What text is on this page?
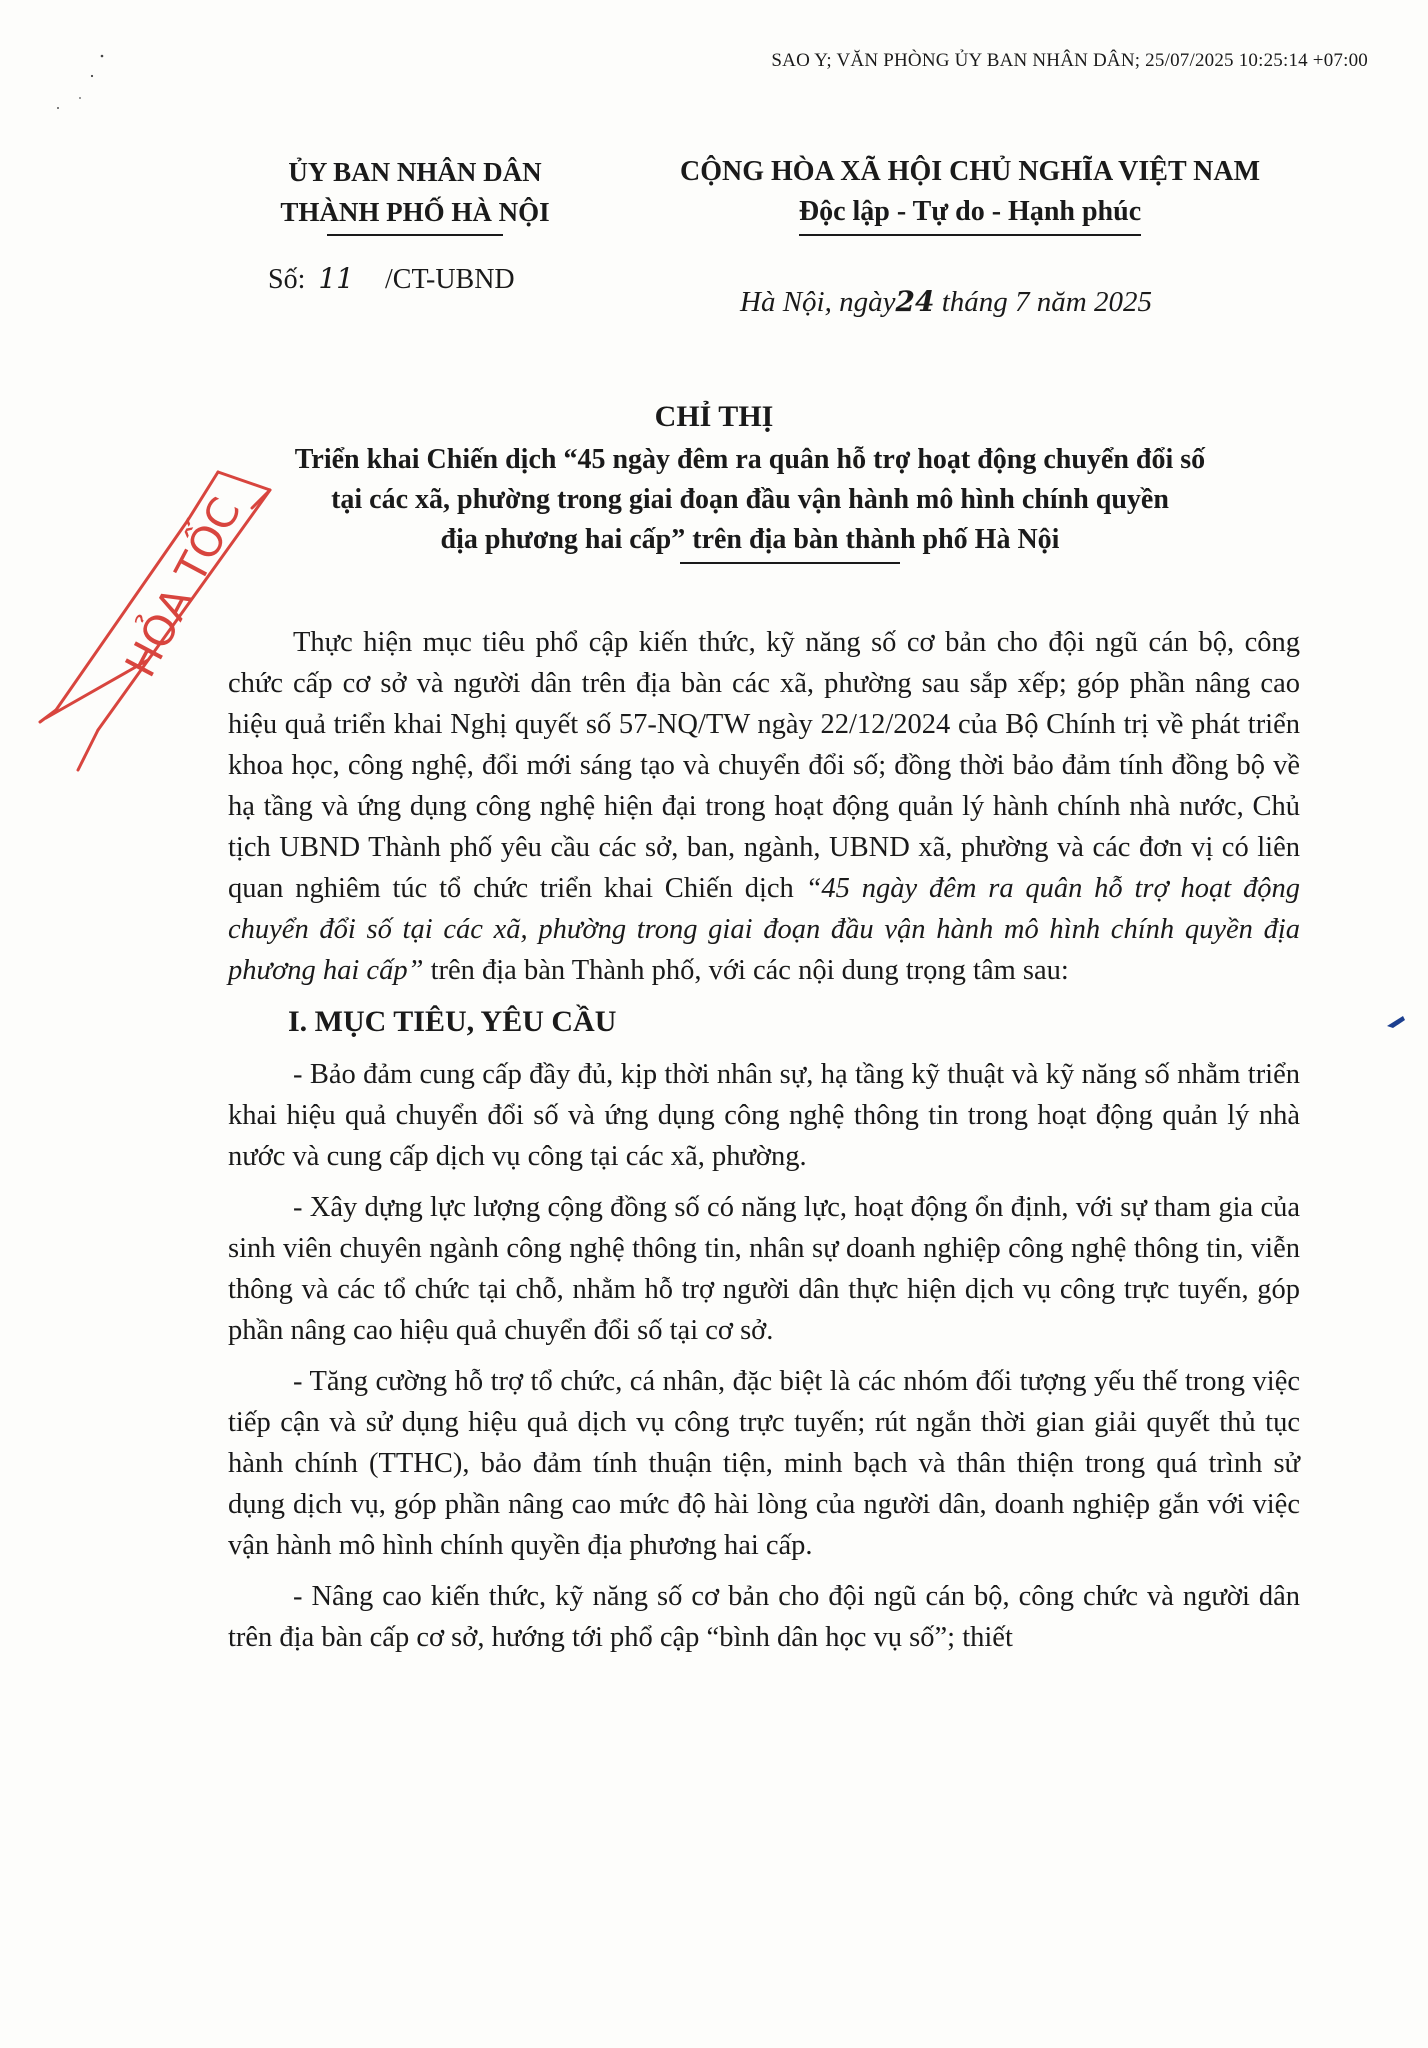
SAO Y; VĂN PHÒNG ỦY BAN NHÂN DÂN; 25/07/2025 10:25:14 +07:00
ỦY BAN NHÂN DÂN
THÀNH PHỐ HÀ NỘI
Số: 11 /CT-UBND
CỘNG HÒA XÃ HỘI CHỦ NGHĨA VIỆT NAM
Độc lập - Tự do - Hạnh phúc
Hà Nội, ngày24 tháng 7 năm 2025
HỎA TỐC
CHỈ THỊ
Triển khai Chiến dịch “45 ngày đêm ra quân hỗ trợ hoạt động chuyển đổi số
tại các xã, phường trong giai đoạn đầu vận hành mô hình chính quyền
địa phương hai cấp” trên địa bàn thành phố Hà Nội

Thực hiện mục tiêu phổ cập kiến thức, kỹ năng số cơ bản cho đội ngũ cán bộ, công chức cấp cơ sở và người dân trên địa bàn các xã, phường sau sắp xếp; góp phần nâng cao hiệu quả triển khai Nghị quyết số 57-NQ/TW ngày 22/12/2024 của Bộ Chính trị về phát triển khoa học, công nghệ, đổi mới sáng tạo và chuyển đổi số; đồng thời bảo đảm tính đồng bộ về hạ tầng và ứng dụng công nghệ hiện đại trong hoạt động quản lý hành chính nhà nước, Chủ tịch UBND Thành phố yêu cầu các sở, ban, ngành, UBND xã, phường và các đơn vị có liên quan nghiêm túc tổ chức triển khai Chiến dịch “45 ngày đêm ra quân hỗ trợ hoạt động chuyển đổi số tại các xã, phường trong giai đoạn đầu vận hành mô hình chính quyền địa phương hai cấp” trên địa bàn Thành phố, với các nội dung trọng tâm sau:

I. MỤC TIÊU, YÊU CẦU

- Bảo đảm cung cấp đầy đủ, kịp thời nhân sự, hạ tầng kỹ thuật và kỹ năng số nhằm triển khai hiệu quả chuyển đổi số và ứng dụng công nghệ thông tin trong hoạt động quản lý nhà nước và cung cấp dịch vụ công tại các xã, phường.

- Xây dựng lực lượng cộng đồng số có năng lực, hoạt động ổn định, với sự tham gia của sinh viên chuyên ngành công nghệ thông tin, nhân sự doanh nghiệp công nghệ thông tin, viễn thông và các tổ chức tại chỗ, nhằm hỗ trợ người dân thực hiện dịch vụ công trực tuyến, góp phần nâng cao hiệu quả chuyển đổi số tại cơ sở.

- Tăng cường hỗ trợ tổ chức, cá nhân, đặc biệt là các nhóm đối tượng yếu thế trong việc tiếp cận và sử dụng hiệu quả dịch vụ công trực tuyến; rút ngắn thời gian giải quyết thủ tục hành chính (TTHC), bảo đảm tính thuận tiện, minh bạch và thân thiện trong quá trình sử dụng dịch vụ, góp phần nâng cao mức độ hài lòng của người dân, doanh nghiệp gắn với việc vận hành mô hình chính quyền địa phương hai cấp.

- Nâng cao kiến thức, kỹ năng số cơ bản cho đội ngũ cán bộ, công chức và người dân trên địa bàn cấp cơ sở, hướng tới phổ cập “bình dân học vụ số”; thiết
